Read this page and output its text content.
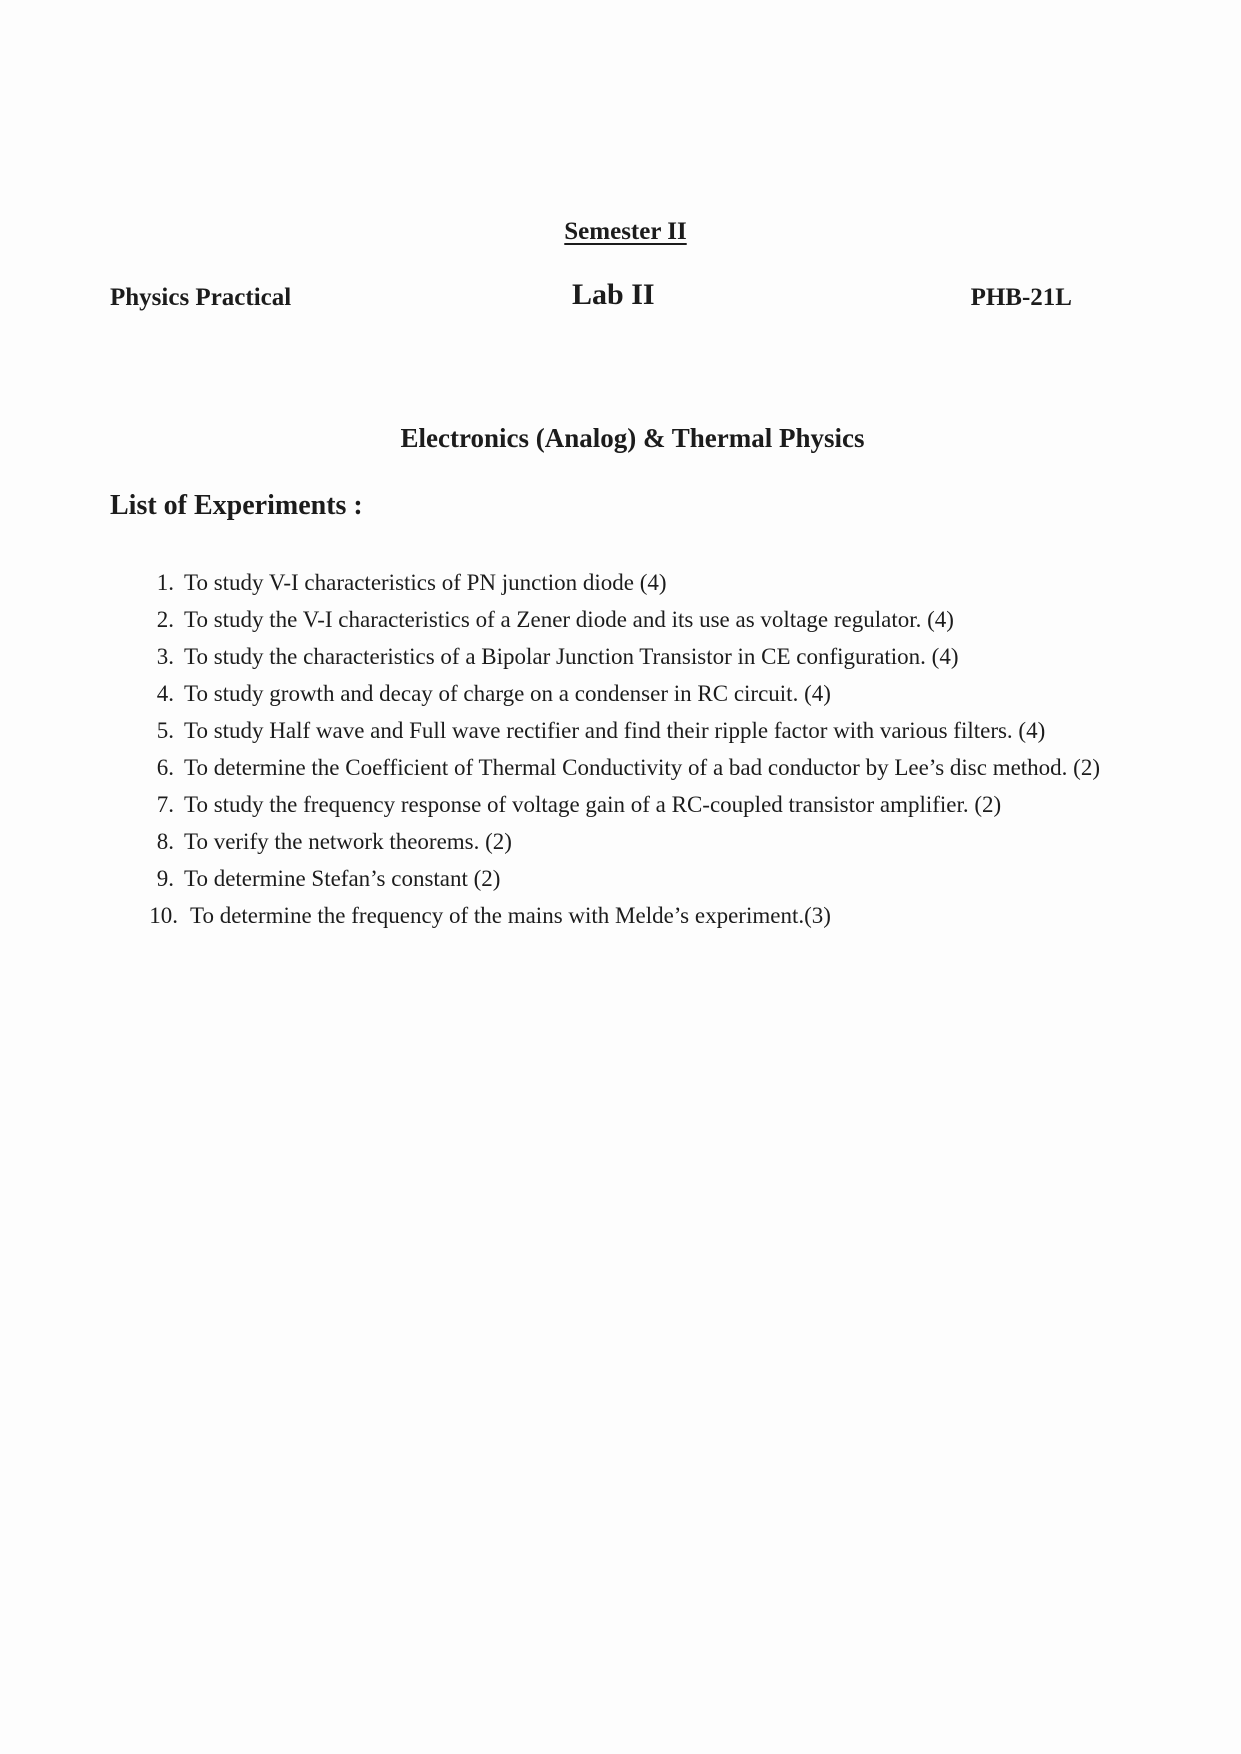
Semester II
Physics Practical	Lab II	PHB-21L
Electronics (Analog) & Thermal Physics
List of Experiments :
1. To study V-I characteristics of PN junction diode (4)
2. To study the V-I characteristics of a Zener diode and its use as voltage regulator. (4)
3. To study the characteristics of a Bipolar Junction Transistor in CE configuration. (4)
4. To study growth and decay of charge on a condenser in RC circuit. (4)
5. To study Half wave and Full wave rectifier and find their ripple factor with various filters. (4)
6. To determine the Coefficient of Thermal Conductivity of a bad conductor by Lee’s disc method. (2)
7. To study the frequency response of voltage gain of a RC-coupled transistor amplifier. (2)
8. To verify the network theorems. (2)
9. To determine Stefan’s constant (2)
10. To determine the frequency of the mains with Melde’s experiment.(3)
